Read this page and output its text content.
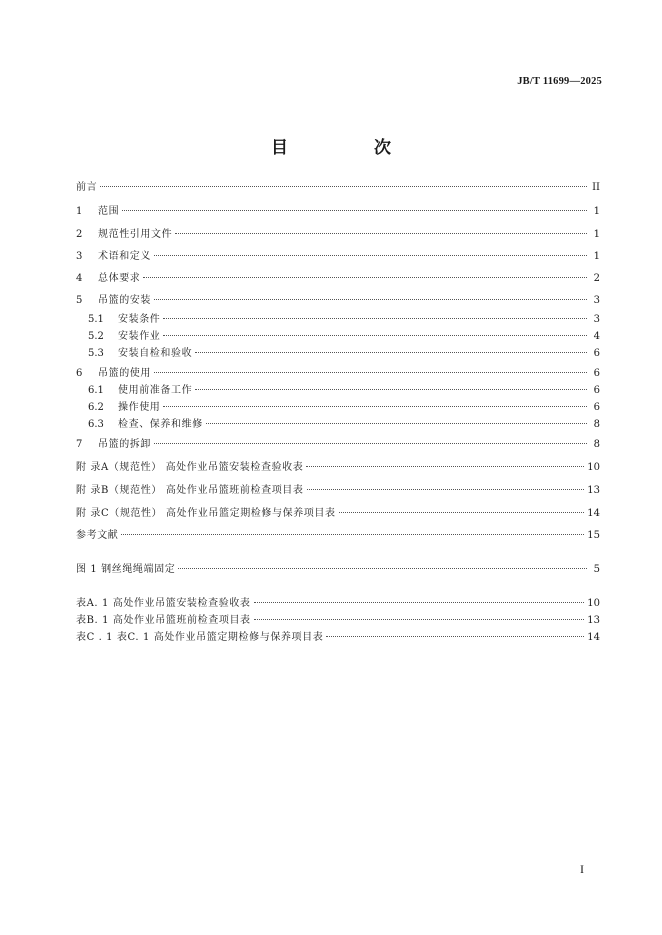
JB/T 11699—2025
目 次
前言	II
1	范围	1
2	规范性引用文件	1
3	术语和定义	1
4	总体要求	2
5	吊篮的安装	3
5.1	安装条件	3
5.2	安装作业	4
5.3	安装自检和验收	6
6	吊篮的使用	6
6.1	使用前准备工作	6
6.2	操作使用	6
6.3	检查、保养和维修	8
7	吊篮的拆卸	8
附 录A（规范性） 高处作业吊篮安装检查验收表	10
附 录B（规范性） 高处作业吊篮班前检查项目表	13
附 录C（规范性） 高处作业吊篮定期检修与保养项目表	14
参考文献	15
图 1 钢丝绳绳端固定	5
表A. 1 高处作业吊篮安装检查验收表	10
表B. 1 高处作业吊篮班前检查项目表	13
表C . 1 表C. 1 高处作业吊篮定期检修与保养项目表	14
I
